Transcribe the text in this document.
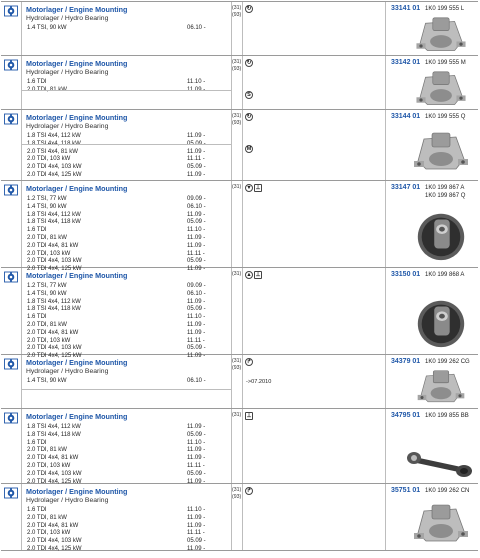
Motorlager / Engine Mounting
Hydrolager / Hydro Bearing
1.4 TSI, 90 kW	06.10 -
(31)
(93)
↻	33141 01 1K0 199 555 L
Motorlager / Engine Mounting
Hydrolager / Hydro Bearing
1.6 TDI	11.10 -
2.0 TDI, 81 kW	11.09 -
(31)
(93)
↻
S
33142 01 1K0 199 555 M
Motorlager / Engine Mounting
Hydrolager / Hydro Bearing
1.8 TSI 4x4, 112 kW	11.09 -
1.8 TSI 4x4, 118 kW	05.09 -
2.0 TSI 4x4, 81 kW	11.09 -
2.0 TDI, 103 kW	11.11 -
2.0 TDI 4x4, 103 kW	05.09 -
2.0 TDI 4x4, 125 kW	11.09 -
(31)
(93)
↻
M
33144 01 1K0 199 555 Q
Motorlager / Engine Mounting
1.2 TSI, 77 kW	09.09 -
1.4 TSI, 90 kW	06.10 -
1.8 TSI 4x4, 112 kW	11.09 -
1.8 TSI 4x4, 118 kW	05.09 -
1.6 TDI	11.10 -
2.0 TDI, 81 kW	11.09 -
2.0 TDI 4x4, 81 kW	11.09 -
2.0 TDI, 103 kW	11.11 -
2.0 TDI 4x4, 103 kW	05.09 -
2.0 TDI 4x4, 125 kW	11.09 -
(31) ▼ ⊥	33147 01 1K0 199 867 A
1K0 199 867 Q
Motorlager / Engine Mounting
1.2 TSI, 77 kW	09.09 -
1.4 TSI, 90 kW	06.10 -
1.8 TSI 4x4, 112 kW	11.09 -
1.8 TSI 4x4, 118 kW	05.09 -
1.6 TDI	11.10 -
2.0 TDI, 81 kW	11.09 -
2.0 TDI 4x4, 81 kW	11.09 -
2.0 TDI, 103 kW	11.11 -
2.0 TDI 4x4, 103 kW	05.09 -
2.0 TDI 4x4, 125 kW	11.09 -
(31) ▲ ⊥	33150 01 1K0 199 868 A
Motorlager / Engine Mounting
Hydrolager / Hydro Bearing
1.4 TSI, 90 kW	06.10 -
(31)
(93)
↱
->07.2010
34379 01 1K0 199 262 CG
Motorlager / Engine Mounting
1.8 TSI 4x4, 112 kW	11.09 -
1.8 TSI 4x4, 118 kW	05.09 -
1.6 TDI	11.10 -
2.0 TDI, 81 kW	11.09 -
2.0 TDI 4x4, 81 kW	11.09 -
2.0 TDI, 103 kW	11.11 -
2.0 TDI 4x4, 103 kW	05.09 -
2.0 TDI 4x4, 125 kW	11.09 -
(31) ⊥	34795 01 1K0 199 855 BB
Motorlager / Engine Mounting
Hydrolager / Hydro Bearing
1.6 TDI	11.10 -
2.0 TDI, 81 kW	11.09 -
2.0 TDI 4x4, 81 kW	11.09 -
2.0 TDI, 103 kW	11.11 -
2.0 TDI 4x4, 103 kW	05.09 -
2.0 TDI 4x4, 125 kW	11.09 -
(31)
(93)
↱	35751 01 1K0 199 262 CN
